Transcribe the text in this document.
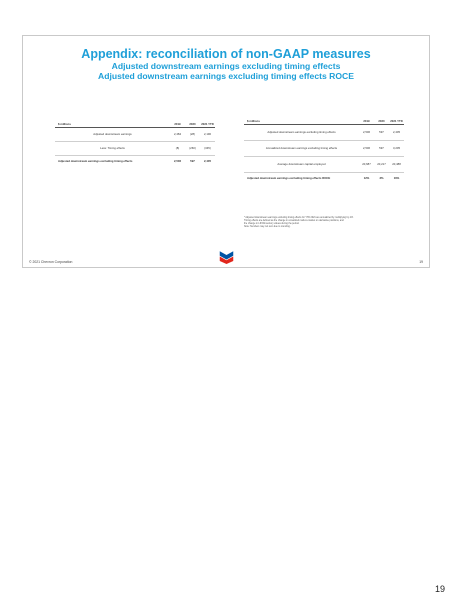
Appendix: reconciliation of non-GAAP measures
Adjusted downstream earnings excluding timing effects
Adjusted downstream earnings excluding timing effects ROCE
$ millions	2019	2020	2021 YTD
Adjusted downstream earnings	2,484	(28)	2,190
Less: Timing effects	(8)	(260)	(345)
Adjusted downstream earnings excluding timing effects	2,506	597	2,405
$ millions	2019	2020	2021 YTD
Adjusted downstream earnings excluding timing effects	2,506	597	2,405
Annualized downstream earnings excluding timing effects	2,506	597	3,205
Average downstream capital employed	20,687	20,217	20,488
Adjusted downstream earnings excluding timing effects ROCE	12%	3%	16%
* Adjusted downstream earnings excluding timing effects for YTD 2021 are annualized by multiplying by 4/3.
Timing effects are defined as the change in unrealized mark-to-market on derivative positions, and
the change in LIFO/inventory values during the period.
Note: Numbers may not sum due to rounding.
© 2021 Chevron Corporation	19
19
